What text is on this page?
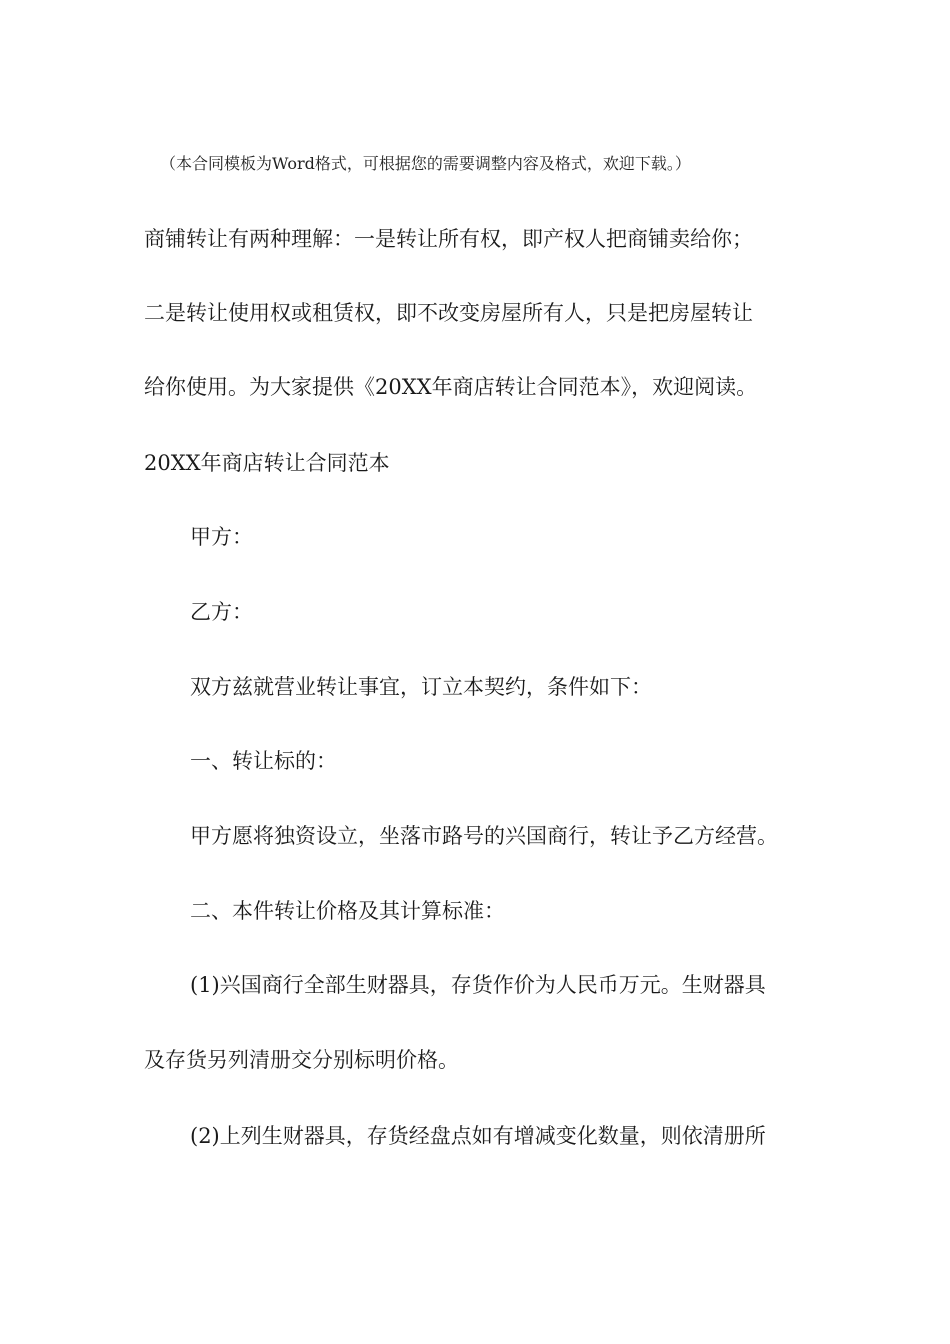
（本合同模板为Word格式，可根据您的需要调整内容及格式，欢迎下载。）
商铺转让有两种理解：一是转让所有权，即产权人把商铺卖给你；
二是转让使用权或租赁权，即不改变房屋所有人，只是把房屋转让
给你使用。为大家提供《20XX年商店转让合同范本》，欢迎阅读。
20XX年商店转让合同范本
甲方：
乙方：
双方兹就营业转让事宜，订立本契约，条件如下：
一、转让标的：
甲方愿将独资设立，坐落市路号的兴国商行，转让予乙方经营。
二、本件转让价格及其计算标准：
(1)兴国商行全部生财器具，存货作价为人民币万元。生财器具
及存货另列清册交分别标明价格。
(2)上列生财器具，存货经盘点如有增减变化数量，则依清册所
